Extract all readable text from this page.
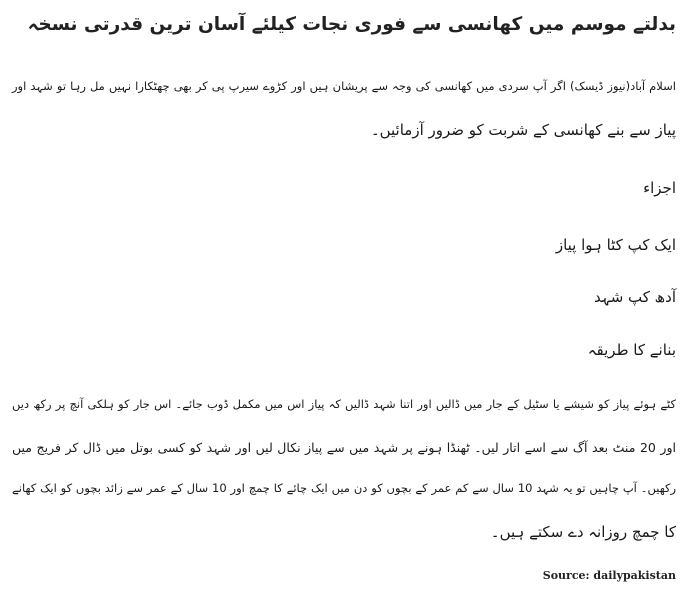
بدلتے موسم میں کھانسی سے فوری نجات کیلئے آسان ترین قدرتی نسخہ
اسلام آباد(نیوز ڈیسک) اگر آپ سردی میں کھانسی کی وجہ سے پریشان ہیں اور کڑوے سیرپ پی کر بھی چھٹکارا نہیں مل رہا تو شہد اور
پیاز سے بنے کھانسی کے شربت کو ضرور آزمائیں۔
اجزاء
ایک کپ کٹا ہوا پیاز
آدھ کپ شہد
بنانے کا طریقہ
کٹے ہوئے پیاز کو شیشے یا سٹیل کے جار میں ڈالیں اور اتنا شہد ڈالیں کہ پیاز اس میں مکمل ڈوب جائے۔ اس جار کو ہلکی آنچ پر رکھ دیں
اور 20 منٹ بعد آگ سے اسے اتار لیں۔ ٹھنڈا ہونے پر شہد میں سے پیاز نکال لیں اور شہد کو کسی بوتل میں ڈال کر فریج میں
رکھیں۔ آپ چاہیں تو یہ شہد 10 سال سے کم عمر کے بچوں کو دن میں ایک چائے کا چمچ اور 10 سال کے عمر سے زائد بچوں کو ایک کھانے
کا چمچ روزانہ دے سکتے ہیں۔
Source: dailypakistan
